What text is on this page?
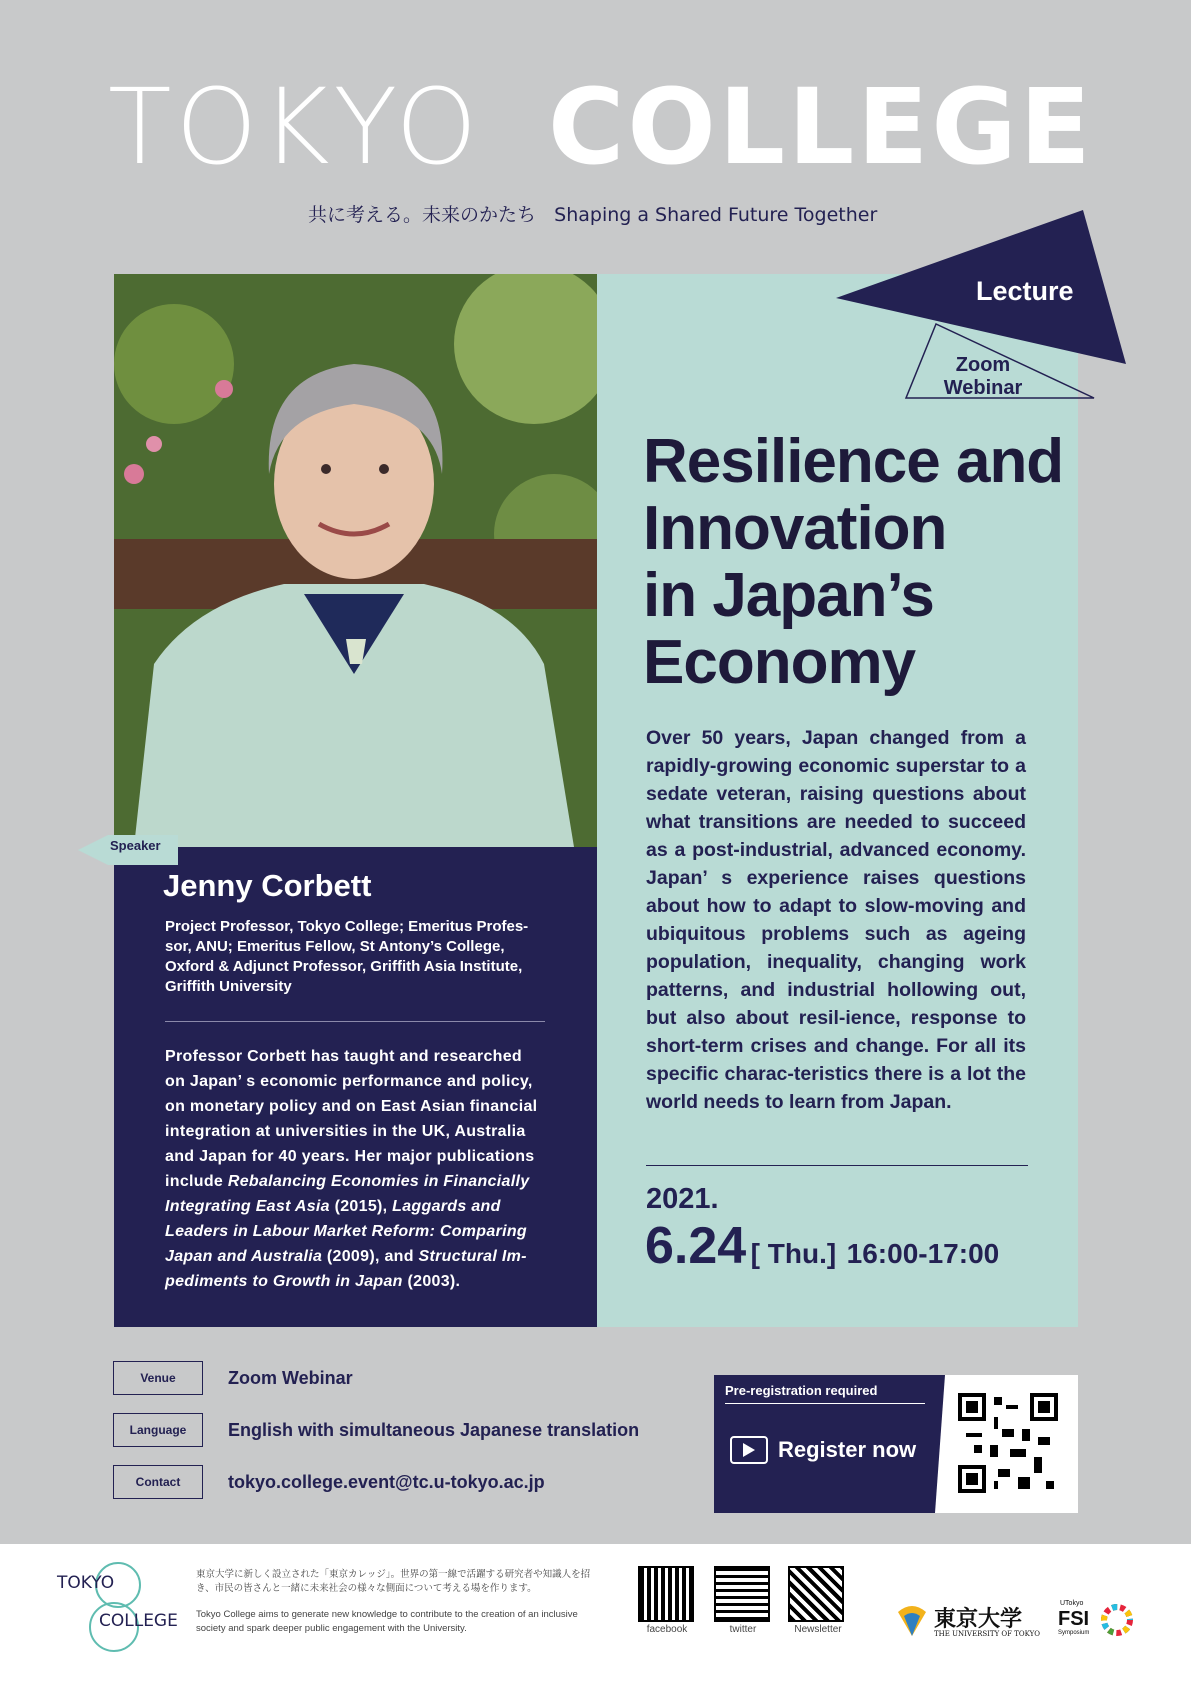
TOKYO COLLEGE
共に考える。未来のかたち Shaping a Shared Future Together
Speaker
Jenny Corbett
Project Professor, Tokyo College; Emeritus Profes-sor, ANU; Emeritus Fellow, St Antony’s College, Oxford & Adjunct Professor, Griffith Asia Institute, Griffith University
Professor Corbett has taught and researched on Japan’ s economic performance and policy, on monetary policy and on East Asian financial integration at universities in the UK, Australia and Japan for 40 years. Her major publications include Rebalancing Economies in Financially Integrating East Asia (2015), Laggards and Leaders in Labour Market Reform: Comparing Japan and Australia (2009), and Structural Im-pediments to Growth in Japan (2003).
Lecture
Zoom
Webinar
Resilience and
Innovation
in Japan’s
Economy
Over 50 years, Japan changed from a rapidly-growing economic superstar to a sedate veteran, raising questions about what transitions are needed to succeed as a post-industrial, advanced economy. Japan’ s experience raises questions about how to adapt to slow-moving and ubiquitous problems such as ageing population, inequality, changing work patterns, and industrial hollowing out, but also about resil-ience, response to short-term crises and change. For all its specific charac-teristics there is a lot the world needs to learn from Japan.
2021.
6.24 [ Thu.] 16:00-17:00
Venue	Zoom Webinar
Language	English with simultaneous Japanese translation
Contact	tokyo.college.event@tc.u-tokyo.ac.jp
Pre-registration required
Register now
TOKYO
COLLEGE
東京大学に新しく設立された「東京カレッジ」。世界の第一線で活躍する研究者や知識人を招き、市民の皆さんと一緒に未来社会の様々な側面について考える場を作ります。
Tokyo College aims to generate new knowledge to contribute to the creation of an inclusive society and spark deeper public engagement with the University.	facebook	twitter	Newsletter	東京大学
THE UNIVERSITY OF TOKYO
UTokyo
FSI
Symposium
